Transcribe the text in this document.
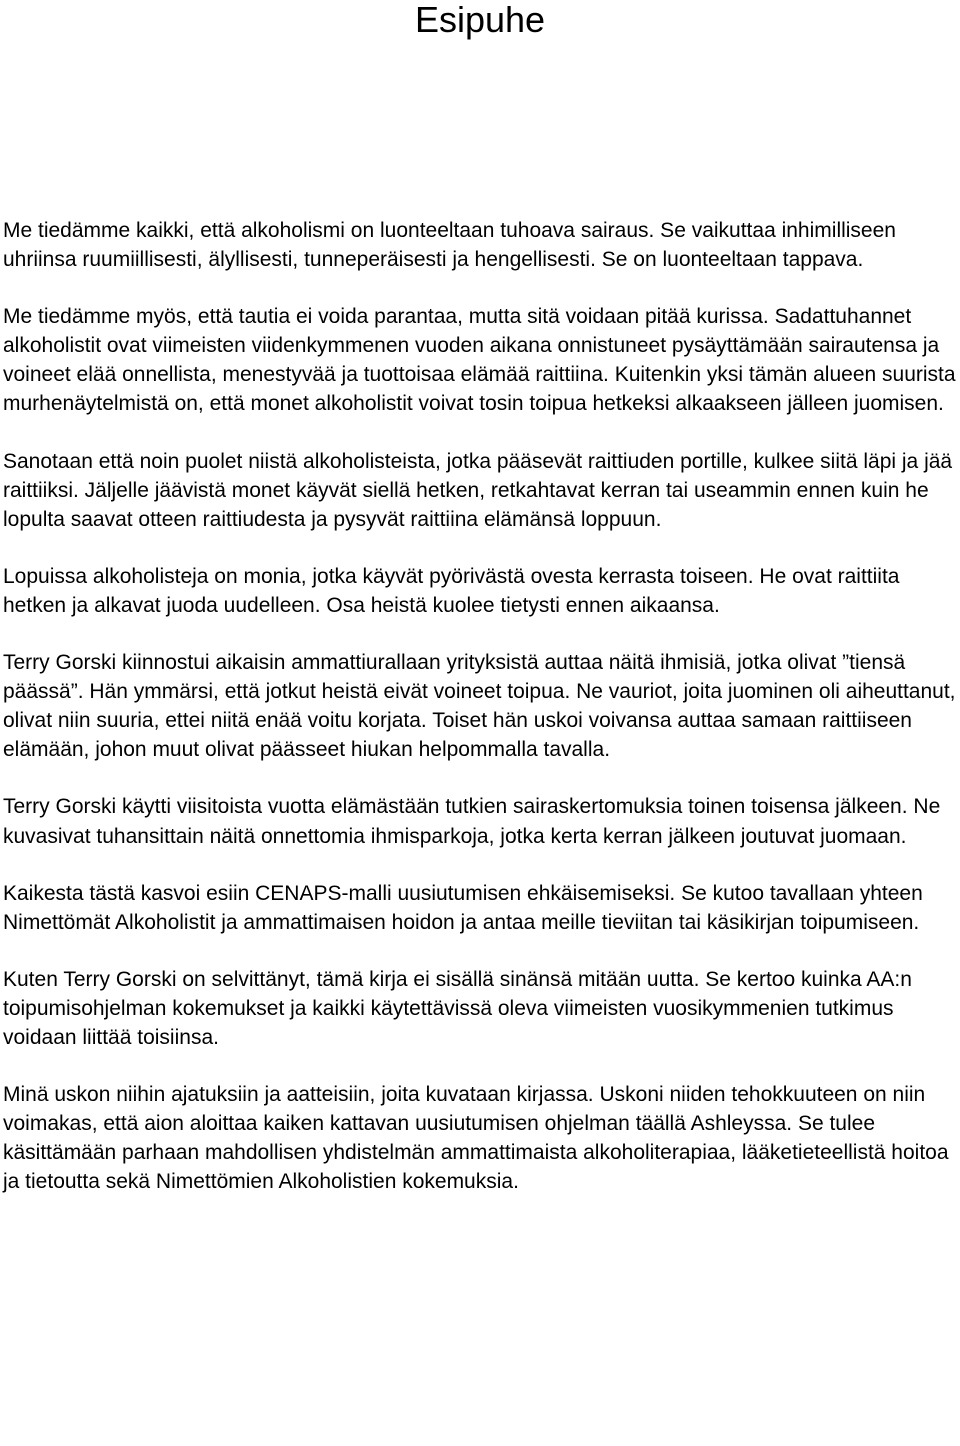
Esipuhe

Me tiedämme kaikki, että alkoholismi on luonteeltaan tuhoava sairaus. Se vaikuttaa inhimilliseen uhriinsa ruumiillisesti, älyllisesti, tunneperäisesti ja hengellisesti. Se on luonteeltaan tappava.

Me tiedämme myös, että tautia ei voida parantaa, mutta sitä voidaan pitää kurissa. Sadattuhannet alkoholistit ovat viimeisten viidenkymmenen vuoden aikana onnistuneet pysäyttämään sairautensa ja voineet elää onnellista, menestyvää ja tuottoisaa elämää raittiina. Kuitenkin yksi tämän alueen suurista murhenäytelmistä on, että monet alkoholistit voivat tosin toipua hetkeksi alkaakseen jälleen juomisen.

Sanotaan että noin puolet niistä alkoholisteista, jotka pääsevät raittiuden portille, kulkee siitä läpi ja jää raittiiksi. Jäljelle jäävistä monet käyvät siellä hetken, retkahtavat kerran tai useammin ennen kuin he lopulta saavat otteen raittiudesta ja pysyvät raittiina elämänsä loppuun.

Lopuissa alkoholisteja on monia, jotka käyvät pyörivästä ovesta kerrasta toiseen. He ovat raittiita hetken ja alkavat juoda uudelleen. Osa heistä kuolee tietysti ennen aikaansa.

Terry Gorski kiinnostui aikaisin ammattiurallaan yrityksistä auttaa näitä ihmisiä, jotka olivat ”tiensä päässä”. Hän ymmärsi, että jotkut heistä eivät voineet toipua. Ne vauriot, joita juominen oli aiheuttanut, olivat niin suuria, ettei niitä enää voitu korjata. Toiset hän uskoi voivansa auttaa samaan raittiiseen elämään, johon muut olivat päässeet hiukan helpommalla tavalla.

Terry Gorski käytti viisitoista vuotta elämästään tutkien sairaskertomuksia toinen toisensa jälkeen. Ne kuvasivat tuhansittain näitä onnettomia ihmisparkoja, jotka kerta kerran jälkeen joutuvat juomaan.

Kaikesta tästä kasvoi esiin CENAPS-malli uusiutumisen ehkäisemiseksi. Se kutoo tavallaan yhteen Nimettömät Alkoholistit ja ammattimaisen hoidon ja antaa meille tieviitan tai käsikirjan toipumiseen.

Kuten Terry Gorski on selvittänyt, tämä kirja ei sisällä sinänsä mitään uutta. Se kertoo kuinka AA:n toipumisohjelman kokemukset ja kaikki käytettävissä oleva viimeisten vuosikymmenien tutkimus voidaan liittää toisiinsa.

Minä uskon niihin ajatuksiin ja aatteisiin, joita kuvataan kirjassa. Uskoni niiden tehokkuuteen on niin voimakas, että aion aloittaa kaiken kattavan uusiutumisen ohjelman täällä Ashleyssa. Se tulee käsittämään parhaan mahdollisen yhdistelmän ammattimaista alkoholiterapiaa, lääketieteellistä hoitoa ja tietoutta sekä Nimettömien Alkoholistien kokemuksia.
